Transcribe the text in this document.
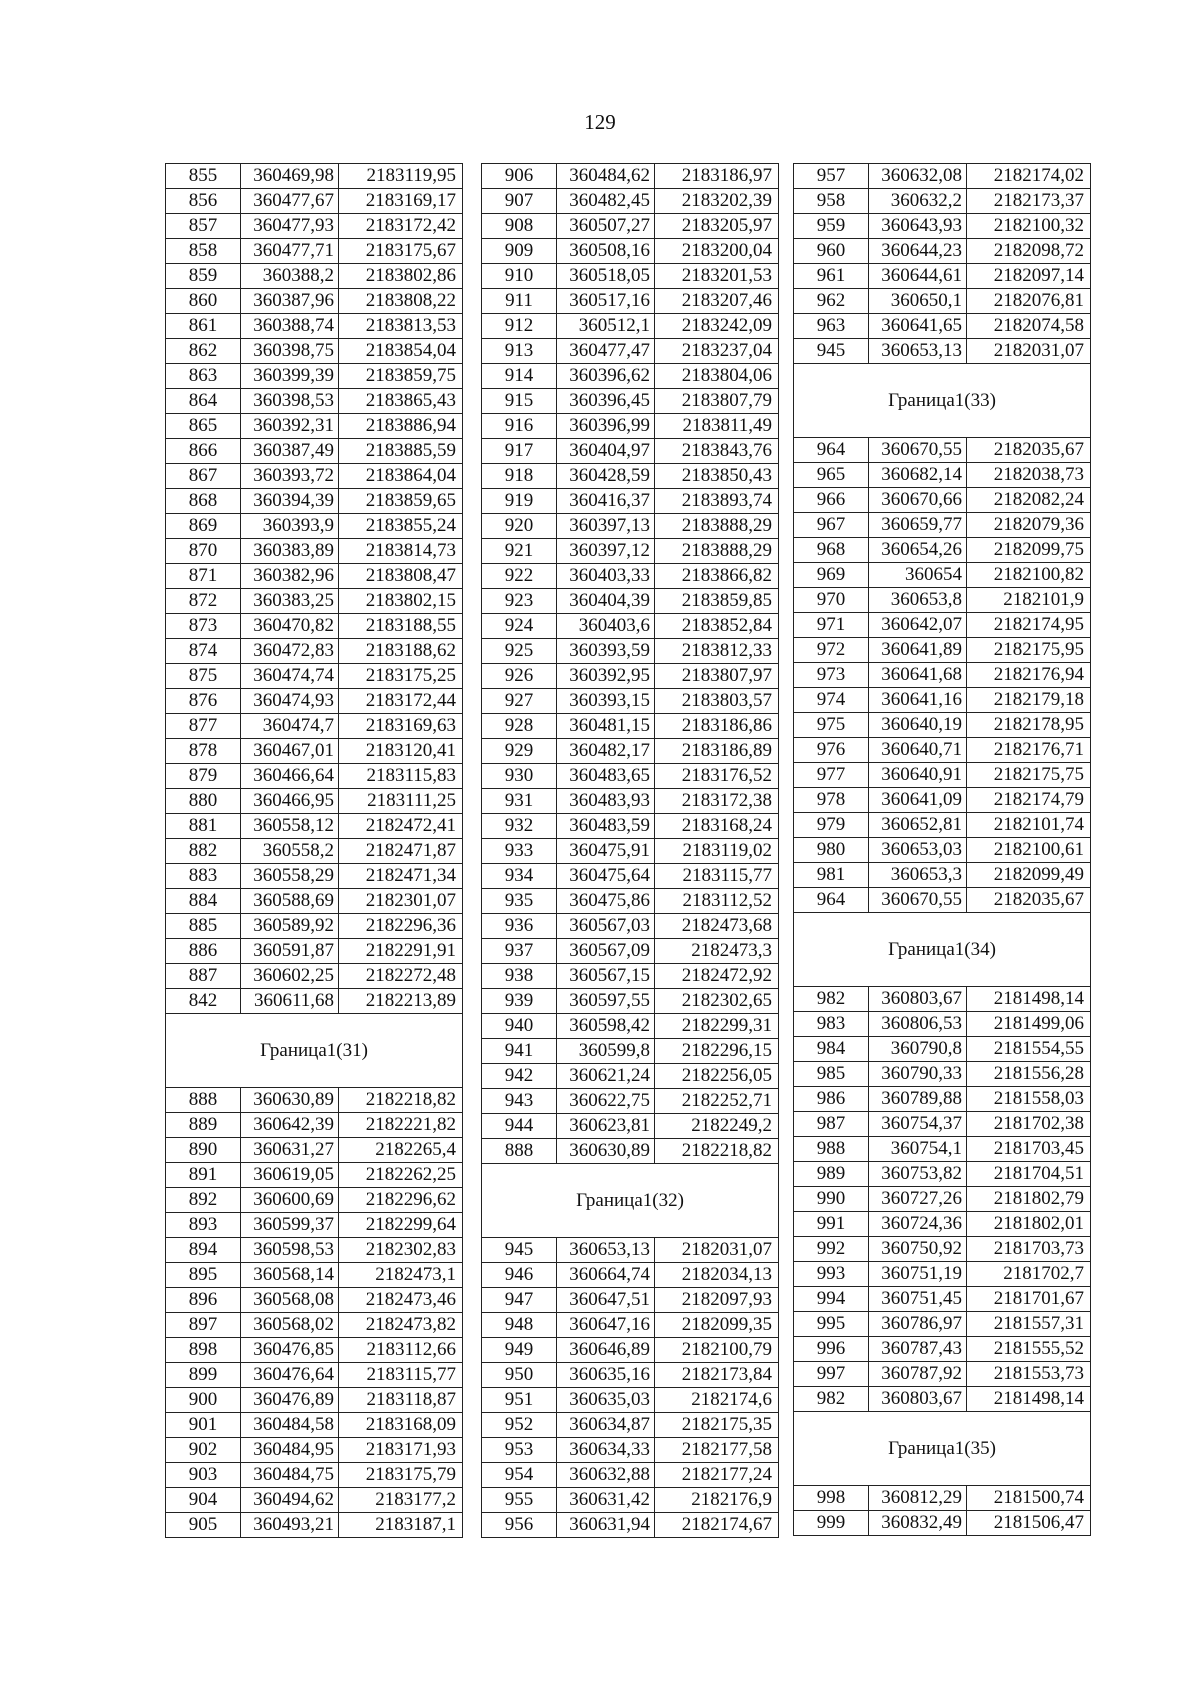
129
855	360469,98	2183119,95
856	360477,67	2183169,17
857	360477,93	2183172,42
858	360477,71	2183175,67
859	360388,2	2183802,86
860	360387,96	2183808,22
861	360388,74	2183813,53
862	360398,75	2183854,04
863	360399,39	2183859,75
864	360398,53	2183865,43
865	360392,31	2183886,94
866	360387,49	2183885,59
867	360393,72	2183864,04
868	360394,39	2183859,65
869	360393,9	2183855,24
870	360383,89	2183814,73
871	360382,96	2183808,47
872	360383,25	2183802,15
873	360470,82	2183188,55
874	360472,83	2183188,62
875	360474,74	2183175,25
876	360474,93	2183172,44
877	360474,7	2183169,63
878	360467,01	2183120,41
879	360466,64	2183115,83
880	360466,95	2183111,25
881	360558,12	2182472,41
882	360558,2	2182471,87
883	360558,29	2182471,34
884	360588,69	2182301,07
885	360589,92	2182296,36
886	360591,87	2182291,91
887	360602,25	2182272,48
842	360611,68	2182213,89
Граница1(31)		
888	360630,89	2182218,82
889	360642,39	2182221,82
890	360631,27	2182265,4
891	360619,05	2182262,25
892	360600,69	2182296,62
893	360599,37	2182299,64
894	360598,53	2182302,83
895	360568,14	2182473,1
896	360568,08	2182473,46
897	360568,02	2182473,82
898	360476,85	2183112,66
899	360476,64	2183115,77
900	360476,89	2183118,87
901	360484,58	2183168,09
902	360484,95	2183171,93
903	360484,75	2183175,79
904	360494,62	2183177,2
905	360493,21	2183187,1
906	360484,62	2183186,97
907	360482,45	2183202,39
908	360507,27	2183205,97
909	360508,16	2183200,04
910	360518,05	2183201,53
911	360517,16	2183207,46
912	360512,1	2183242,09
913	360477,47	2183237,04
914	360396,62	2183804,06
915	360396,45	2183807,79
916	360396,99	2183811,49
917	360404,97	2183843,76
918	360428,59	2183850,43
919	360416,37	2183893,74
920	360397,13	2183888,29
921	360397,12	2183888,29
922	360403,33	2183866,82
923	360404,39	2183859,85
924	360403,6	2183852,84
925	360393,59	2183812,33
926	360392,95	2183807,97
927	360393,15	2183803,57
928	360481,15	2183186,86
929	360482,17	2183186,89
930	360483,65	2183176,52
931	360483,93	2183172,38
932	360483,59	2183168,24
933	360475,91	2183119,02
934	360475,64	2183115,77
935	360475,86	2183112,52
936	360567,03	2182473,68
937	360567,09	2182473,3
938	360567,15	2182472,92
939	360597,55	2182302,65
940	360598,42	2182299,31
941	360599,8	2182296,15
942	360621,24	2182256,05
943	360622,75	2182252,71
944	360623,81	2182249,2
888	360630,89	2182218,82
Граница1(32)		
945	360653,13	2182031,07
946	360664,74	2182034,13
947	360647,51	2182097,93
948	360647,16	2182099,35
949	360646,89	2182100,79
950	360635,16	2182173,84
951	360635,03	2182174,6
952	360634,87	2182175,35
953	360634,33	2182177,58
954	360632,88	2182177,24
955	360631,42	2182176,9
956	360631,94	2182174,67
957	360632,08	2182174,02
958	360632,2	2182173,37
959	360643,93	2182100,32
960	360644,23	2182098,72
961	360644,61	2182097,14
962	360650,1	2182076,81
963	360641,65	2182074,58
945	360653,13	2182031,07
Граница1(33)		
964	360670,55	2182035,67
965	360682,14	2182038,73
966	360670,66	2182082,24
967	360659,77	2182079,36
968	360654,26	2182099,75
969	360654	2182100,82
970	360653,8	2182101,9
971	360642,07	2182174,95
972	360641,89	2182175,95
973	360641,68	2182176,94
974	360641,16	2182179,18
975	360640,19	2182178,95
976	360640,71	2182176,71
977	360640,91	2182175,75
978	360641,09	2182174,79
979	360652,81	2182101,74
980	360653,03	2182100,61
981	360653,3	2182099,49
964	360670,55	2182035,67
Граница1(34)		
982	360803,67	2181498,14
983	360806,53	2181499,06
984	360790,8	2181554,55
985	360790,33	2181556,28
986	360789,88	2181558,03
987	360754,37	2181702,38
988	360754,1	2181703,45
989	360753,82	2181704,51
990	360727,26	2181802,79
991	360724,36	2181802,01
992	360750,92	2181703,73
993	360751,19	2181702,7
994	360751,45	2181701,67
995	360786,97	2181557,31
996	360787,43	2181555,52
997	360787,92	2181553,73
982	360803,67	2181498,14
Граница1(35)		
998	360812,29	2181500,74
999	360832,49	2181506,47
